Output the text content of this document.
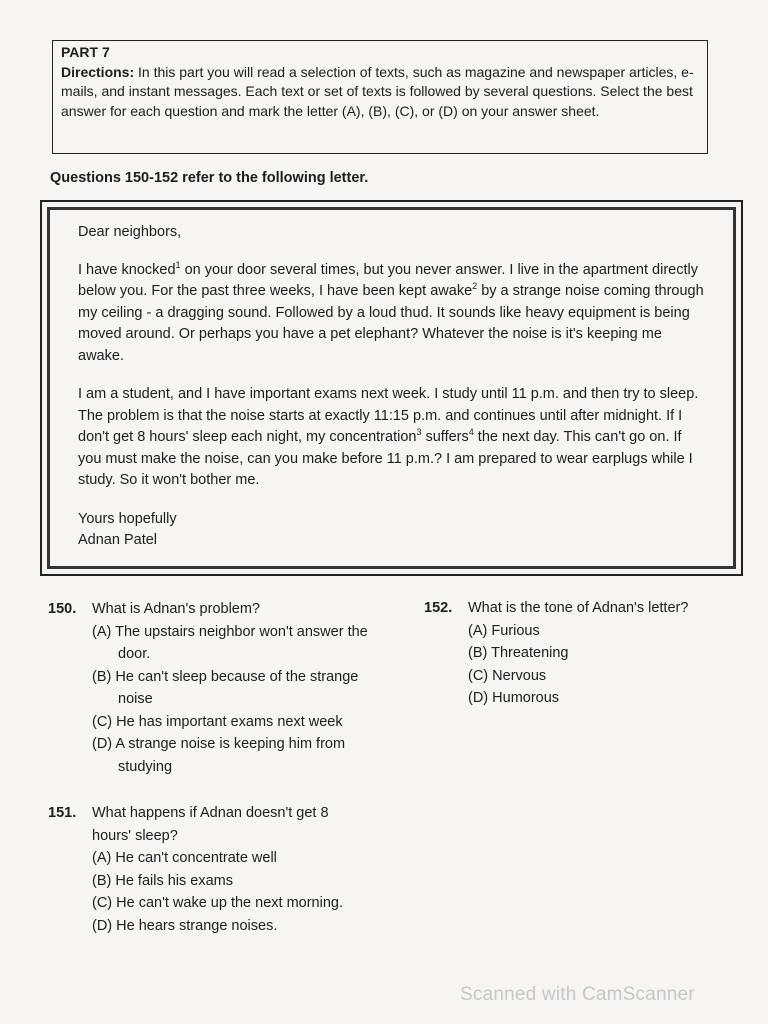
PART 7
Directions: In this part you will read a selection of texts, such as magazine and newspaper articles, e-mails, and instant messages. Each text or set of texts is followed by several questions. Select the best answer for each question and mark the letter (A), (B), (C), or (D) on your answer sheet.
Questions 150-152 refer to the following letter.

Dear neighbors,

I have knocked$^1$ on your door several times, but you never answer. I live in the apartment directly below you. For the past three weeks, I have been kept awake$^2$ by a strange noise coming through my ceiling - a dragging sound. Followed by a loud thud. It sounds like heavy equipment is being moved around. Or perhaps you have a pet elephant? Whatever the noise is it's keeping me awake.

I am a student, and I have important exams next week. I study until 11 p.m. and then try to sleep. The problem is that the noise starts at exactly 11:15 p.m. and continues until after midnight. If I don't get 8 hours' sleep each night, my concentration$^3$ suffers$^4$ the next day. This can't go on. If you must make the noise, can you make before 11 p.m.? I am prepared to wear earplugs while I study. So it won't bother me.

Yours hopefully

Adnan Patel

150. What is Adnan's problem?
(A) The upstairs neighbor won't answer the door.
(B) He can't sleep because of the strange noise
(C) He has important exams next week
(D) A strange noise is keeping him from studying
151. What happens if Adnan doesn't get 8 hours' sleep?
(A) He can't concentrate well
(B) He fails his exams
(C) He can't wake up the next morning.
(D) He hears strange noises.
152. What is the tone of Adnan's letter?
(A) Furious
(B) Threatening
(C) Nervous
(D) Humorous
Scanned with CamScanner
